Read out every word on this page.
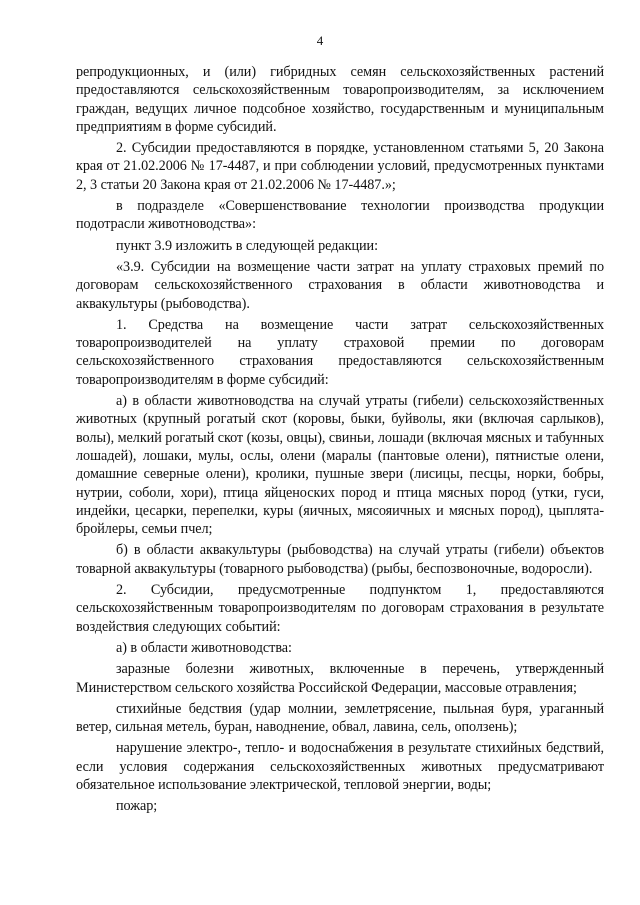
4

репродукционных, и (или) гибридных семян сельскохозяйственных растений предоставляются сельскохозяйственным товаропроизводителям, за исключением граждан, ведущих личное подсобное хозяйство, государственным и муниципальным предприятиям в форме субсидий.

2. Субсидии предоставляются в порядке, установленном статьями 5, 20 Закона края от 21.02.2006 № 17-4487, и при соблюдении условий, предусмотренных пунктами 2, 3 статьи 20 Закона края от 21.02.2006 № 17-4487.»;

в подразделе «Совершенствование технологии производства продукции подотрасли животноводства»:

пункт 3.9 изложить в следующей редакции:

«3.9. Субсидии на возмещение части затрат на уплату страховых премий по договорам сельскохозяйственного страхования в области животноводства и аквакультуры (рыбоводства).

1. Средства на возмещение части затрат сельскохозяйственных товаропроизводителей на уплату страховой премии по договорам сельскохозяйственного страхования предоставляются сельскохозяйственным товаропроизводителям в форме субсидий:

а) в области животноводства на случай утраты (гибели) сельскохозяйственных животных (крупный рогатый скот (коровы, быки, буйволы, яки (включая сарлыков), волы), мелкий рогатый скот (козы, овцы), свиньи, лошади (включая мясных и табунных лошадей), лошаки, мулы, ослы, олени (маралы (пантовые олени), пятнистые олени, домашние северные олени), кролики, пушные звери (лисицы, песцы, норки, бобры, нутрии, соболи, хори), птица яйценоских пород и птица мясных пород (утки, гуси, индейки, цесарки, перепелки, куры (яичных, мясояичных и мясных пород), цыплята-бройлеры, семьи пчел;

б) в области аквакультуры (рыбоводства) на случай утраты (гибели) объектов товарной аквакультуры (товарного рыбоводства) (рыбы, беспозвоночные, водоросли).

2. Субсидии, предусмотренные подпунктом 1, предоставляются сельскохозяйственным товаропроизводителям по договорам страхования в результате воздействия следующих событий:

а) в области животноводства:

заразные болезни животных, включенные в перечень, утвержденный Министерством сельского хозяйства Российской Федерации, массовые отравления;

стихийные бедствия (удар молнии, землетрясение, пыльная буря, ураганный ветер, сильная метель, буран, наводнение, обвал, лавина, сель, оползень);

нарушение электро-, тепло- и водоснабжения в результате стихийных бедствий, если условия содержания сельскохозяйственных животных предусматривают обязательное использование электрической, тепловой энергии, воды;

пожар;
